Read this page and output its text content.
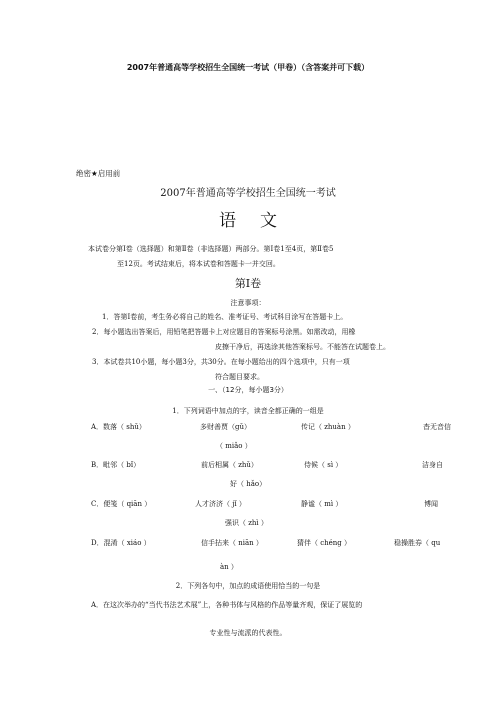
2007年普通高等学校招生全国统一考试（甲卷）（含答案并可下载）
绝密★启用前
2007年普通高等学校招生全国统一考试
语文
本试卷分第Ⅰ卷（选择题）和第Ⅱ卷（非选择题）两部分。第Ⅰ卷1至4页，第Ⅱ卷5
至12页。考试结束后，将本试卷和答题卡一并交回。
第Ⅰ卷
注意事项：
1．答第Ⅰ卷前，考生务必将自己的姓名、准考证号、考试科目涂写在答题卡上。
2．每小题选出答案后，用铅笔把答题卡上对应题目的答案标号涂黑。如需改动，用橡
皮擦干净后，再选涂其他答案标号。不能答在试题卷上。
3．本试卷共10小题，每小题3分，共30分。在每小题给出的四个选项中，只有一项
符合题目要求。
一、（12分，每小题3分）
1．下列词语中加点的字，读音全都正确的一组是
A．数落（ shǔ）	多财善贾（gǔ）	传记（ zhuàn ）	杳无音信
（ miǎo ）
B．毗邻（ bǐ）	前后相属（ zhǔ）	侍候（ sì ）	洁身自
好（ hǎo）
C．便笺（ qiān ）	人才济济（ jǐ ）	静谧（ mì ）	博闻
强识（ zhì ）
D．混淆（ xiáo ）	信手拈来（ niān ）	猜伴（ chéng ）	稳操胜券（ qu
àn ）
2．下列各句中，加点的成语使用恰当的一句是
A．在这次举办的“当代书法艺术展”上，各种书体与风格的作品等量齐观，保证了展览的
专业性与流派的代表性。
